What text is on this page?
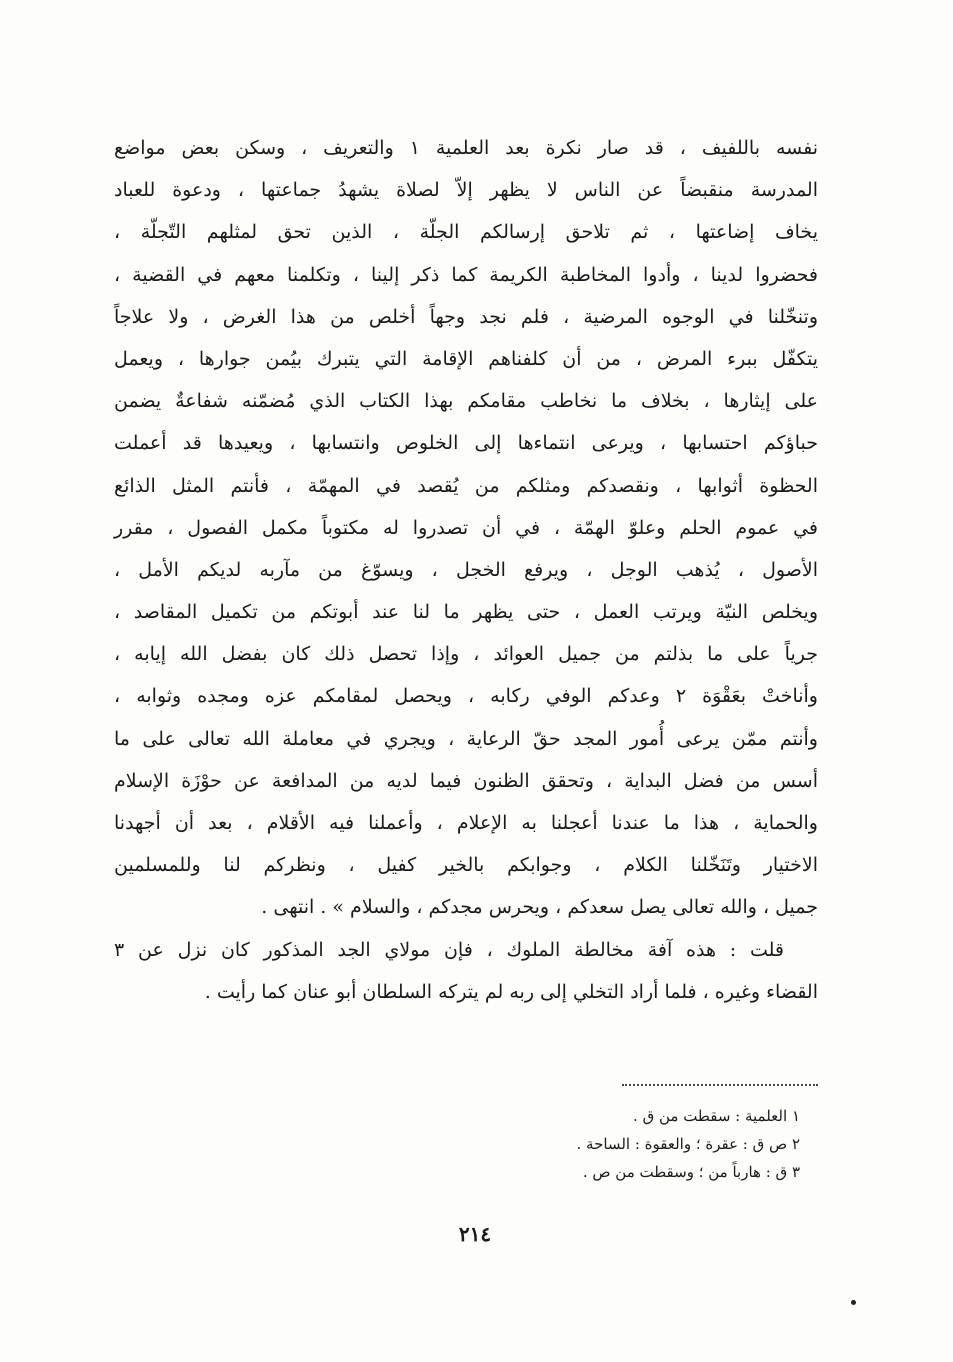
نفسه باللفيف ، قد صار نكرة بعد العلمية ١ والتعريف ، وسكن بعض مواضع
المدرسة منقبضاً عن الناس لا يظهر إلاّ لصلاة يشهدُ جماعتها ، ودعوة للعباد
يخاف إضاعتها ، ثم تلاحق إرسالكم الجلّة ، الذين تحق لمثلهم التّجلّة ،
فحضروا لدينا ، وأدوا المخاطبة الكريمة كما ذكر إلينا ، وتكلمنا معهم في القضية ،
وتنخّلنا في الوجوه المرضية ، فلم نجد وجهاً أخلص من هذا الغرض ، ولا علاجاً
يتكفّل ببرء المرض ، من أن كلفناهم الإقامة التي يتبرك بيُمن جوارها ، ويعمل
على إيثارها ، بخلاف ما نخاطب مقامكم بهذا الكتاب الذي مُضمّنه شفاعةٌ يضمن
حباؤكم احتسابها ، ويرعى انتماءها إلى الخلوص وانتسابها ، ويعيدها قد أعملت
الحظوة أثوابها ، ونقصدكم ومثلكم من يُقصد في المهمّة ، فأنتم المثل الذائع
في عموم الحلم وعلوّ الهمّة ، في أن تصدروا له مكتوباً مكمل الفصول ، مقرر
الأصول ، يُذهب الوجل ، ويرفع الخجل ، ويسوّغ من مآربه لديكم الأمل ،
ويخلص النيّة ويرتب العمل ، حتى يظهر ما لنا عند أبوتكم من تكميل المقاصد ،
جرياً على ما بذلتم من جميل العوائد ، وإذا تحصل ذلك كان بفضل الله إيابه ،
وأناختْ بعَقْوَة ٢ وعدكم الوفي ركابه ، ويحصل لمقامكم عزه ومجده وثوابه ،
وأنتم ممّن يرعى أُمور المجد حقّ الرعاية ، ويجري في معاملة الله تعالى على ما
أسس من فضل البداية ، وتحقق الظنون فيما لديه من المدافعة عن حوْزَة الإسلام
والحماية ، هذا ما عندنا أعجلنا به الإعلام ، وأعملنا فيه الأقلام ، بعد أن أجهدنا
الاختيار وتَنَخّلنا الكلام ، وجوابكم بالخير كفيل ، ونظركم لنا وللمسلمين
جميل ، والله تعالى يصل سعدكم ، ويحرس مجدكم ، والسلام » . انتهى .
قلت : هذه آفة مخالطة الملوك ، فإن مولاي الجد المذكور كان نزل عن ٣
القضاء وغيره ، فلما أراد التخلي إلى ربه لم يتركه السلطان أبو عنان كما رأيت .
١ العلمية : سقطت من ق .
٢ ص ق : عقرة ؛ والعقوة : الساحة .
٣ ق : هارباً من ؛ وسقطت من ص .
٢١٤
